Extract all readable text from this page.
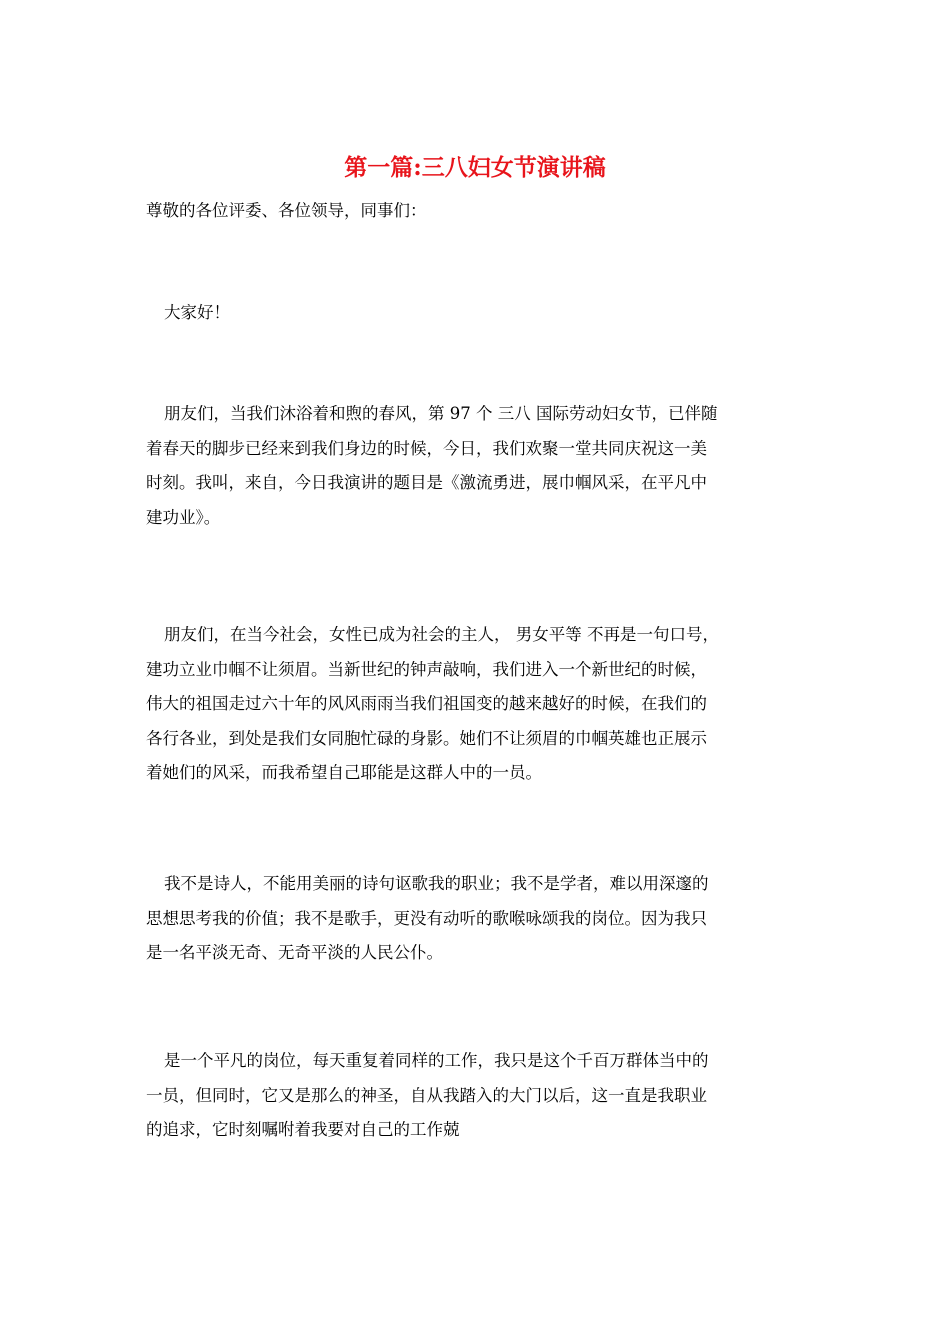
第一篇:三八妇女节演讲稿

尊敬的各位评委、各位领导，同事们：

大家好！

朋友们，当我们沐浴着和煦的春风，第 97 个 三八 国际劳动妇女节，已伴随
着春天的脚步已经来到我们身边的时候，今日，我们欢聚一堂共同庆祝这一美
时刻。我叫，来自，今日我演讲的题目是《激流勇进，展巾帼风采，在平凡中
建功业》。

朋友们，在当今社会，女性已成为社会的主人， 男女平等 不再是一句口号，
建功立业巾帼不让须眉。当新世纪的钟声敲响，我们进入一个新世纪的时候，
伟大的祖国走过六十年的风风雨雨当我们祖国变的越来越好的时候，在我们的
各行各业，到处是我们女同胞忙碌的身影。她们不让须眉的巾帼英雄也正展示
着她们的风采，而我希望自己耶能是这群人中的一员。

我不是诗人，不能用美丽的诗句讴歌我的职业；我不是学者，难以用深邃的
思想思考我的价值；我不是歌手，更没有动听的歌喉咏颂我的岗位。因为我只
是一名平淡无奇、无奇平淡的人民公仆。

是一个平凡的岗位，每天重复着同样的工作，我只是这个千百万群体当中的
一员，但同时，它又是那么的神圣，自从我踏入的大门以后，这一直是我职业
的追求，它时刻嘱咐着我要对自己的工作兢
